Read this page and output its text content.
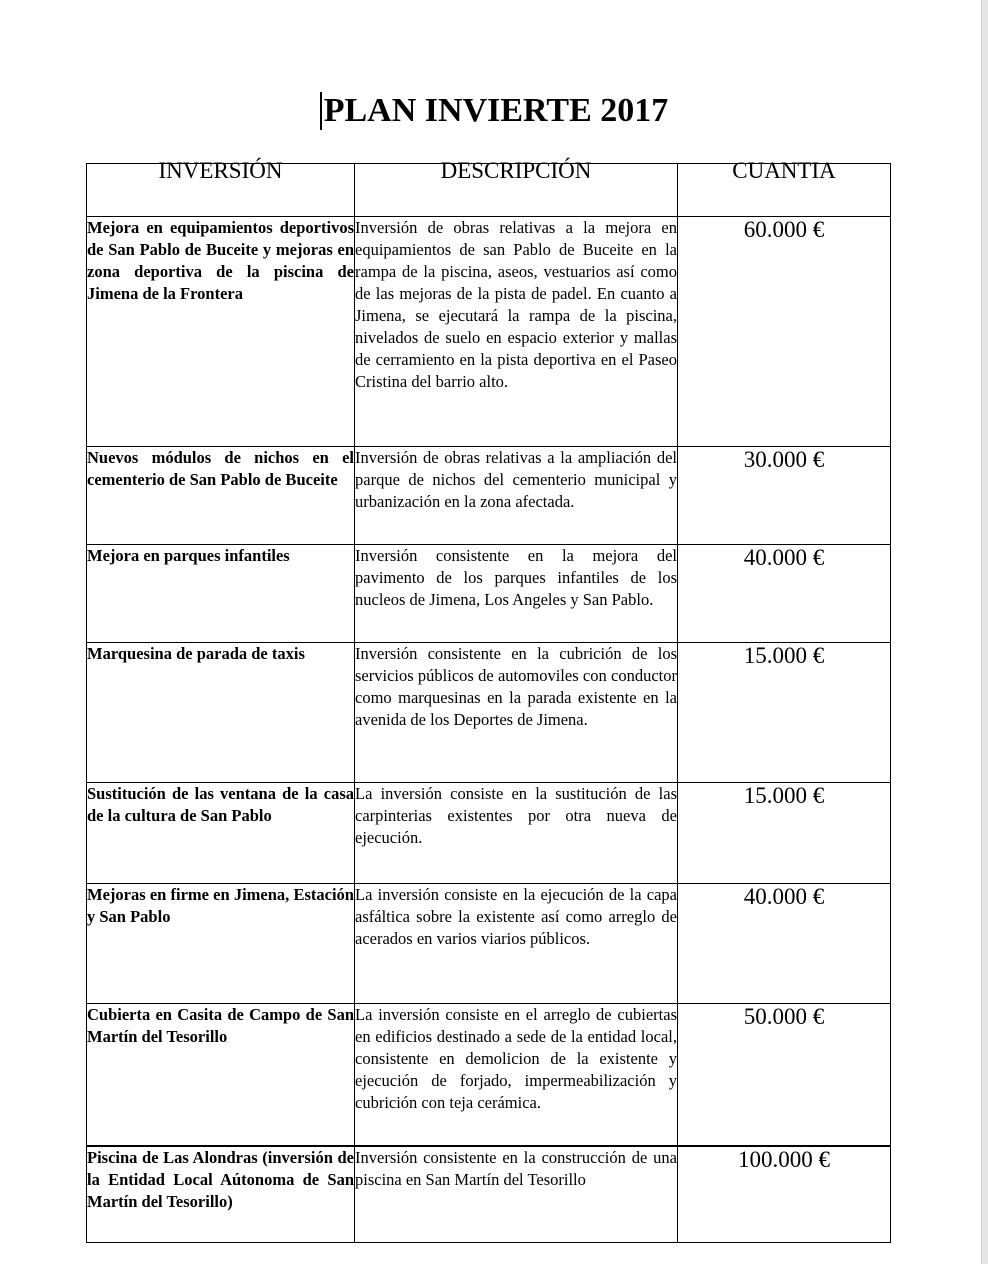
PLAN INVIERTE 2017
INVERSIÓN	DESCRIPCIÓN	CUANTIA
Mejora en equipamientos deportivos de San Pablo de Buceite y mejoras en zona deportiva de la piscina de Jimena de la Frontera	Inversión de obras relativas a la mejora en equipamientos de san Pablo de Buceite en la rampa de la piscina, aseos, vestuarios así como de las mejoras de la pista de padel. En cuanto a Jimena, se ejecutará la rampa de la piscina, nivelados de suelo en espacio exterior y mallas de cerramiento en la pista deportiva en el Paseo Cristina del barrio alto.	60.000 €
Nuevos módulos de nichos en el cementerio de San Pablo de Buceite	Inversión de obras relativas a la ampliación del parque de nichos del cementerio municipal y urbanización en la zona afectada.	30.000 €
Mejora en parques infantiles	Inversión consistente en la mejora del pavimento de los parques infantiles de los nucleos de Jimena, Los Angeles y San Pablo.	40.000 €
Marquesina de parada de taxis	Inversión consistente en la cubrición de los servicios públicos de automoviles con conductor como marquesinas en la parada existente en la avenida de los Deportes de Jimena.	15.000 €
Sustitución de las ventana de la casa de la cultura de San Pablo	La inversión consiste en la sustitución de las carpinterias existentes por otra nueva de ejecución.	15.000 €
Mejoras en firme en Jimena, Estación y San Pablo	La inversión consiste en la ejecución de la capa asfáltica sobre la existente así como arreglo de acerados en varios viarios públicos.	40.000 €
Cubierta en Casita de Campo de San Martín del Tesorillo	La inversión consiste en el arreglo de cubiertas en edificios destinado a sede de la entidad local, consistente en demolicion de la existente y ejecución de forjado, impermeabilización y cubrición con teja cerámica.	50.000 €
Piscina de Las Alondras (inversión de la Entidad Local Aútonoma de San Martín del Tesorillo)	Inversión consistente en la construcción de una piscina en San Martín del Tesorillo	100.000 €
